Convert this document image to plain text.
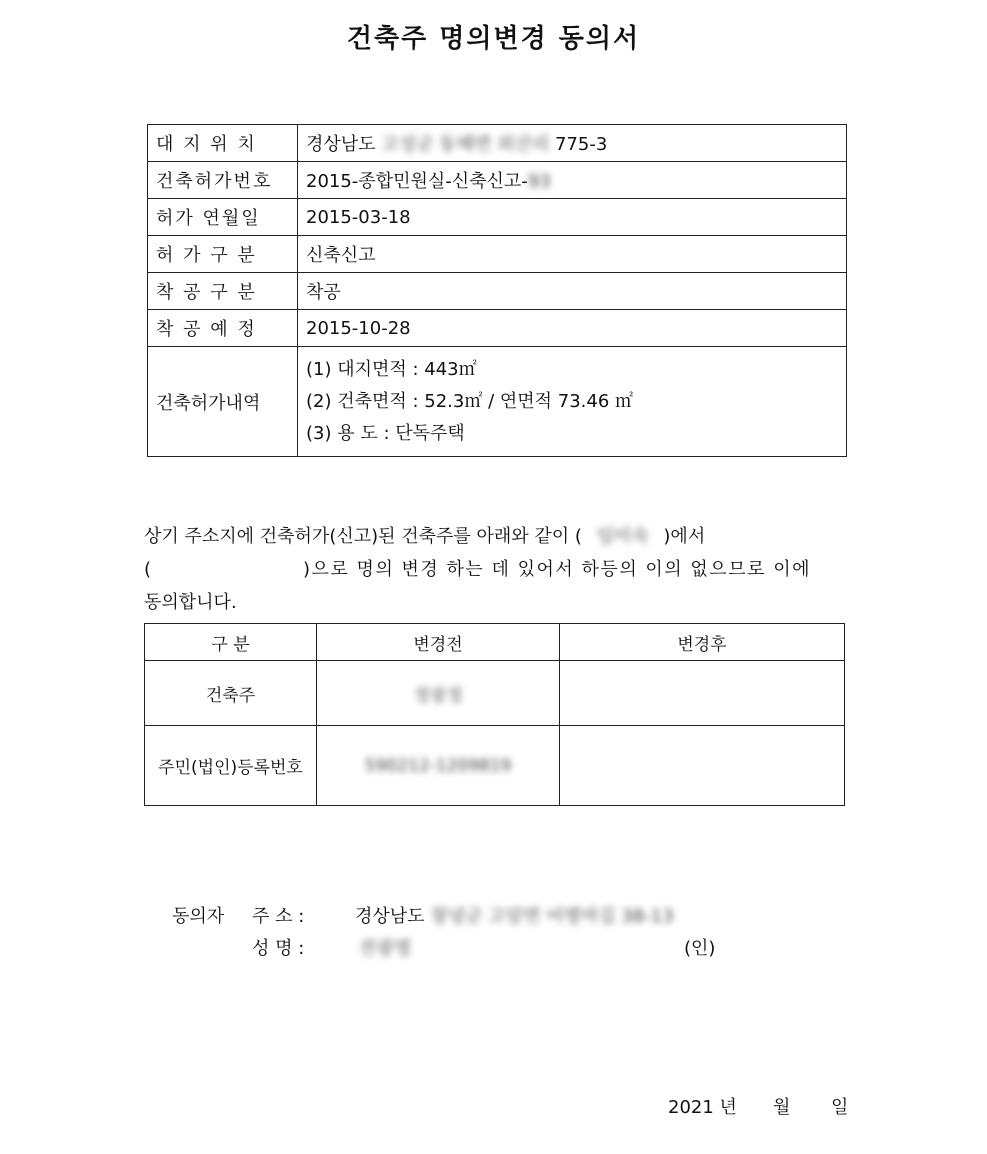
건축주 명의변경 동의서
대 지 위 치	경상남도 고성군 동해면 외산리 775-3
건축허가번호	2015-종합민원실-신축신고-93
허가 연월일	2015-03-18
허 가 구 분	신축신고
착 공 구 분	착공
착 공 예 정	2015-10-28
건축허가내역	(1) 대지면적 : 443㎡
(2) 건축면적 : 52.3㎡ / 연면적 73.46 ㎡
(3) 용 도 : 단독주택
상기 주소지에 건축허가(신고)된 건축주를 아래와 같이 ( 임미숙 )에서
(	)으로 명의 변경 하는 데 있어서 하등의 이의 없으므로 이에
동의합니다.
구 분	변경전	변경후
건축주	정광정	
주민(법인)등록번호	590212-1209819	
동의자 주 소 :	경상남도 창녕군 고암면 어병마길 38-13
성 명 :	전광명	(인)
2021 년 월 일
